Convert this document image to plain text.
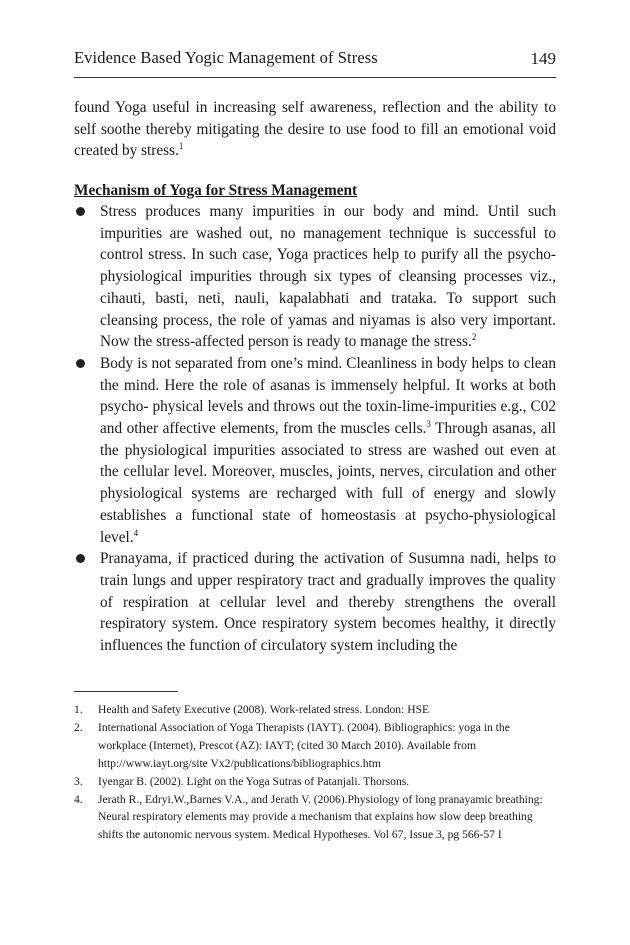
Evidence Based Yogic Management of Stress	149

found Yoga useful in increasing self awareness, reflection and the ability to self soothe thereby mitigating the desire to use food to fill an emotional void created by stress.$^1$

Mechanism of Yoga for Stress Management
Stress produces many impurities in our body and mind. Until such impurities are washed out, no management technique is successful to control stress. In such case, Yoga practices help to purify all the psycho-physiological impurities through six types of cleansing processes viz., cihauti, basti, neti, nauli, kapalabhati and trataka. To support such cleansing process, the role of yamas and niyamas is also very important. Now the stress-affected person is ready to manage the stress.$^2$
Body is not separated from one’s mind. Cleanliness in body helps to clean the mind. Here the role of asanas is immensely helpful. It works at both psycho- physical levels and throws out the toxin-lime-impurities e.g., C02 and other affective elements, from the muscles cells.$^3$ Through asanas, all the physiological impurities associated to stress are washed out even at the cellular level. Moreover, muscles, joints, nerves, circulation and other physiological systems are recharged with full of energy and slowly establishes a functional state of homeostasis at psycho-physiological level.$^4$
Pranayama, if practiced during the activation of Susumna nadi, helps to train lungs and upper respiratory tract and gradually improves the quality of respiration at cellular level and thereby strengthens the overall respiratory system. Once respiratory system becomes healthy, it directly influences the function of circulatory system including the
1. Health and Safety Executive (2008). Work-related stress. London: HSE
2. International Association of Yoga Therapists (IAYT). (2004). Bibliographics: yoga in the workplace (Internet), Prescot (AZ): IAYT; (cited 30 March 2010). Available from http://www.iayt.org/site Vx2/publications/bibliographics.htm
3. Iyengar B. (2002). Light on the Yoga Sutras of Patanjali. Thorsons.
4. Jerath R., Edryi.W.,Barnes V.A., and Jerath V. (2006).Physiology of long pranayamic breathing: Neural respiratory elements may provide a mechanism that explains how slow deep breathing shifts the autonomic nervous system. Medical Hypotheses. Vol 67, Issue 3, pg 566-57 I
